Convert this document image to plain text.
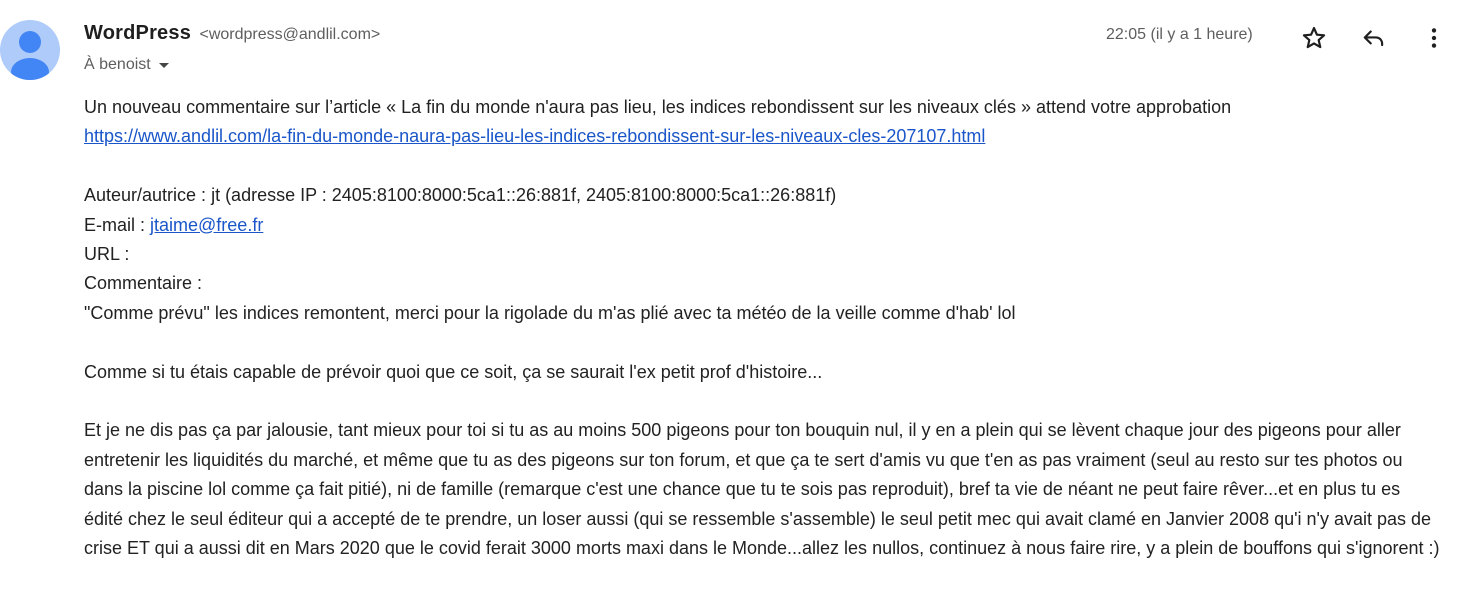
WordPress <wordpress@andlil.com>
À benoist
22:05 (il y a 1 heure)

Un nouveau commentaire sur l’article « La fin du monde n'aura pas lieu, les indices rebondissent sur les niveaux clés » attend votre approbation

https://www.andlil.com/la-fin-du-monde-naura-pas-lieu-les-indices-rebondissent-sur-les-niveaux-cles-207107.html

Auteur/autrice : jt (adresse IP : 2405:8100:8000:5ca1::26:881f, 2405:8100:8000:5ca1::26:881f)

E-mail : jtaime@free.fr

URL :

Commentaire :

"Comme prévu" les indices remontent, merci pour la rigolade du m'as plié avec ta météo de la veille comme d'hab' lol

Comme si tu étais capable de prévoir quoi que ce soit, ça se saurait l'ex petit prof d'histoire...

Et je ne dis pas ça par jalousie, tant mieux pour toi si tu as au moins 500 pigeons pour ton bouquin nul, il y en a plein qui se lèvent chaque jour des pigeons pour aller entretenir les liquidités du marché, et même que tu as des pigeons sur ton forum, et que ça te sert d'amis vu que t'en as pas vraiment (seul au resto sur tes photos ou dans la piscine lol comme ça fait pitié), ni de famille (remarque c'est une chance que tu te sois pas reproduit), bref ta vie de néant ne peut faire rêver...et en plus tu es édité chez le seul éditeur qui a accepté de te prendre, un loser aussi (qui se ressemble s'assemble) le seul petit mec qui avait clamé en Janvier 2008 qu'i n'y avait pas de crise ET qui a aussi dit en Mars 2020 que le covid ferait 3000 morts maxi dans le Monde...allez les nullos, continuez à nous faire rire, y a plein de bouffons qui s'ignorent :)
